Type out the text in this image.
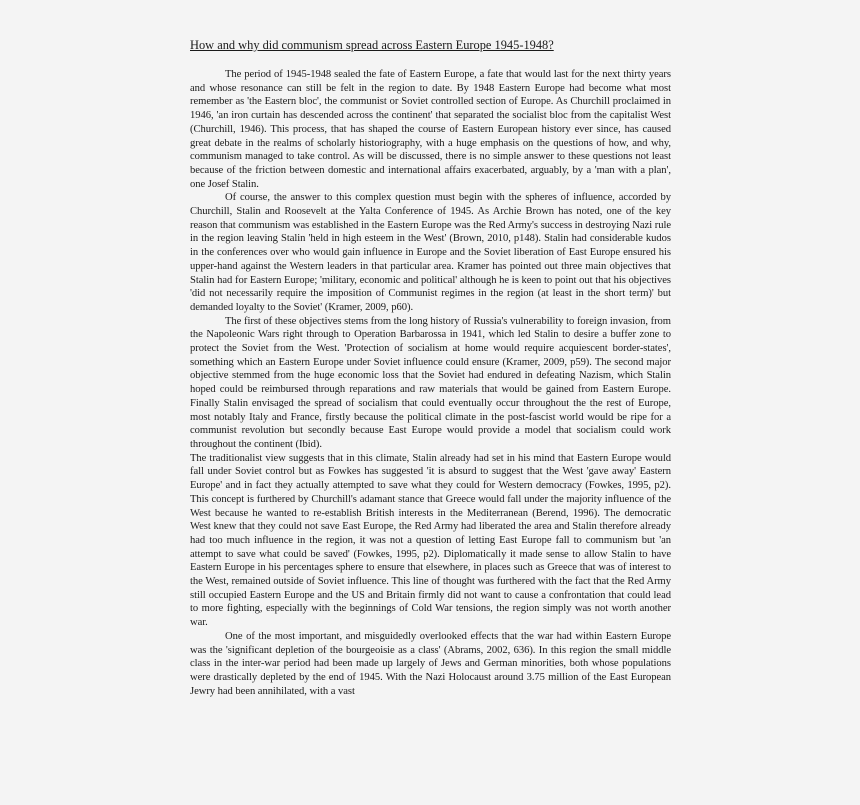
How and why did communism spread across Eastern Europe 1945-1948?

The period of 1945-1948 sealed the fate of Eastern Europe, a fate that would last for the next thirty years and whose resonance can still be felt in the region to date. By 1948 Eastern Europe had become what most remember as 'the Eastern bloc', the communist or Soviet controlled section of Europe. As Churchill proclaimed in 1946, 'an iron curtain has descended across the continent' that separated the socialist bloc from the capitalist West (Churchill, 1946). This process, that has shaped the course of Eastern European history ever since, has caused great debate in the realms of scholarly historiography, with a huge emphasis on the questions of how, and why, communism managed to take control. As will be discussed, there is no simple answer to these questions not least because of the friction between domestic and international affairs exacerbated, arguably, by a 'man with a plan', one Josef Stalin.

Of course, the answer to this complex question must begin with the spheres of influence, accorded by Churchill, Stalin and Roosevelt at the Yalta Conference of 1945. As Archie Brown has noted, one of the key reason that communism was established in the Eastern Europe was the Red Army's success in destroying Nazi rule in the region leaving Stalin 'held in high esteem in the West' (Brown, 2010, p148). Stalin had considerable kudos in the conferences over who would gain influence in Europe and the Soviet liberation of East Europe ensured his upper-hand against the Western leaders in that particular area. Kramer has pointed out three main objectives that Stalin had for Eastern Europe; 'military, economic and political' although he is keen to point out that his objectives 'did not necessarily require the imposition of Communist regimes in the region (at least in the short term)' but demanded loyalty to the Soviet' (Kramer, 2009, p60).

The first of these objectives stems from the long history of Russia's vulnerability to foreign invasion, from the Napoleonic Wars right through to Operation Barbarossa in 1941, which led Stalin to desire a buffer zone to protect the Soviet from the West. 'Protection of socialism at home would require acquiescent border-states', something which an Eastern Europe under Soviet influence could ensure (Kramer, 2009, p59). The second major objective stemmed from the huge economic loss that the Soviet had endured in defeating Nazism, which Stalin hoped could be reimbursed through reparations and raw materials that would be gained from Eastern Europe. Finally Stalin envisaged the spread of socialism that could eventually occur throughout the the rest of Europe, most notably Italy and France, firstly because the political climate in the post-fascist world would be ripe for a communist revolution but secondly because East Europe would provide a model that socialism could work throughout the continent (Ibid).

The traditionalist view suggests that in this climate, Stalin already had set in his mind that Eastern Europe would fall under Soviet control but as Fowkes has suggested 'it is absurd to suggest that the West 'gave away' Eastern Europe' and in fact they actually attempted to save what they could for Western democracy (Fowkes, 1995, p2). This concept is furthered by Churchill's adamant stance that Greece would fall under the majority influence of the West because he wanted to re-establish British interests in the Mediterranean (Berend, 1996). The democratic West knew that they could not save East Europe, the Red Army had liberated the area and Stalin therefore already had too much influence in the region, it was not a question of letting East Europe fall to communism but 'an attempt to save what could be saved' (Fowkes, 1995, p2). Diplomatically it made sense to allow Stalin to have Eastern Europe in his percentages sphere to ensure that elsewhere, in places such as Greece that was of interest to the West, remained outside of Soviet influence. This line of thought was furthered with the fact that the Red Army still occupied Eastern Europe and the US and Britain firmly did not want to cause a confrontation that could lead to more fighting, especially with the beginnings of Cold War tensions, the region simply was not worth another war.

One of the most important, and misguidedly overlooked effects that the war had within Eastern Europe was the 'significant depletion of the bourgeoisie as a class' (Abrams, 2002, 636). In this region the small middle class in the inter-war period had been made up largely of Jews and German minorities, both whose populations were drastically depleted by the end of 1945. With the Nazi Holocaust around 3.75 million of the East European Jewry had been annihilated, with a vast
